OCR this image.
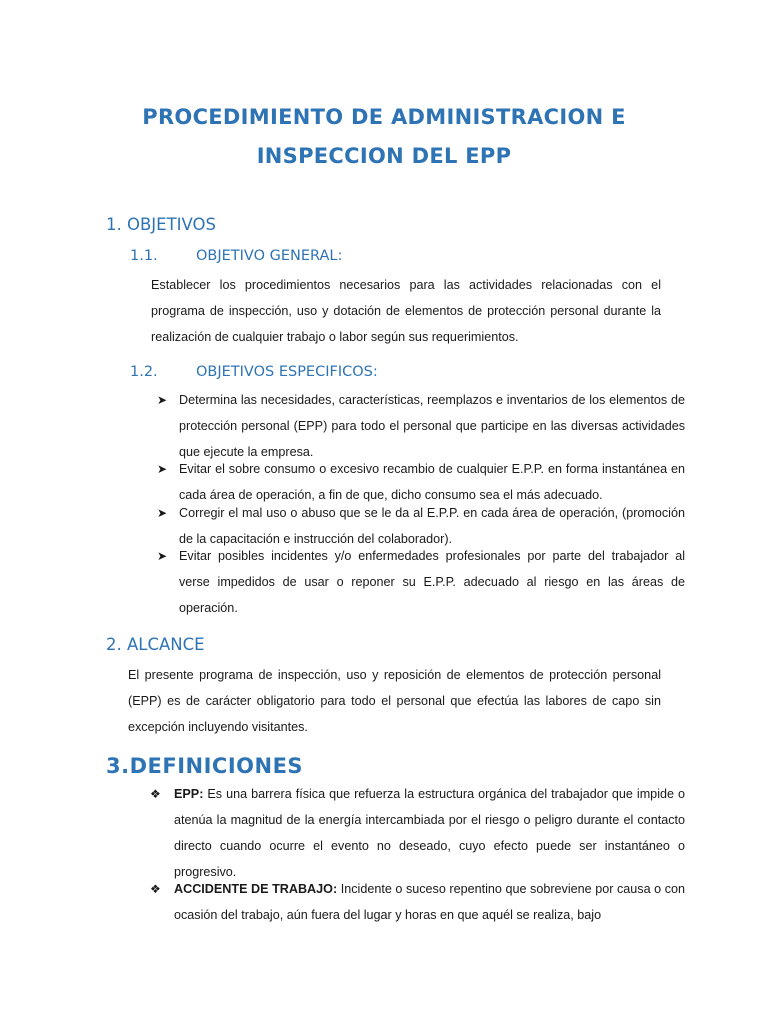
PROCEDIMIENTO DE ADMINISTRACION E
INSPECCION DEL EPP
1. OBJETIVOS
1.1.	OBJETIVO GENERAL:

Establecer los procedimientos necesarios para las actividades relacionadas con el programa de inspección, uso y dotación de elementos de protección personal durante la realización de cualquier trabajo o labor según sus requerimientos.

1.2.	OBJETIVOS ESPECIFICOS:
➤ Determina las necesidades, características, reemplazos e inventarios de los elementos de protección personal (EPP) para todo el personal que participe en las diversas actividades que ejecute la empresa.
➤ Evitar el sobre consumo o excesivo recambio de cualquier E.P.P. en forma instantánea en cada área de operación, a fin de que, dicho consumo sea el más adecuado.
➤ Corregir el mal uso o abuso que se le da al E.P.P. en cada área de operación, (promoción de la capacitación e instrucción del colaborador).
➤ Evitar posibles incidentes y/o enfermedades profesionales por parte del trabajador al verse impedidos de usar o reponer su E.P.P. adecuado al riesgo en las áreas de operación.
2. ALCANCE

El presente programa de inspección, uso y reposición de elementos de protección personal (EPP) es de carácter obligatorio para todo el personal que efectúa las labores de capo sin excepción incluyendo visitantes.

3.DEFINICIONES
❖ EPP: Es una barrera física que refuerza la estructura orgánica del trabajador que impide o atenúa la magnitud de la energía intercambiada por el riesgo o peligro durante el contacto directo cuando ocurre el evento no deseado, cuyo efecto puede ser instantáneo o progresivo.
❖ ACCIDENTE DE TRABAJO: Incidente o suceso repentino que sobreviene por causa o con ocasión del trabajo, aún fuera del lugar y horas en que aquél se realiza, bajo
